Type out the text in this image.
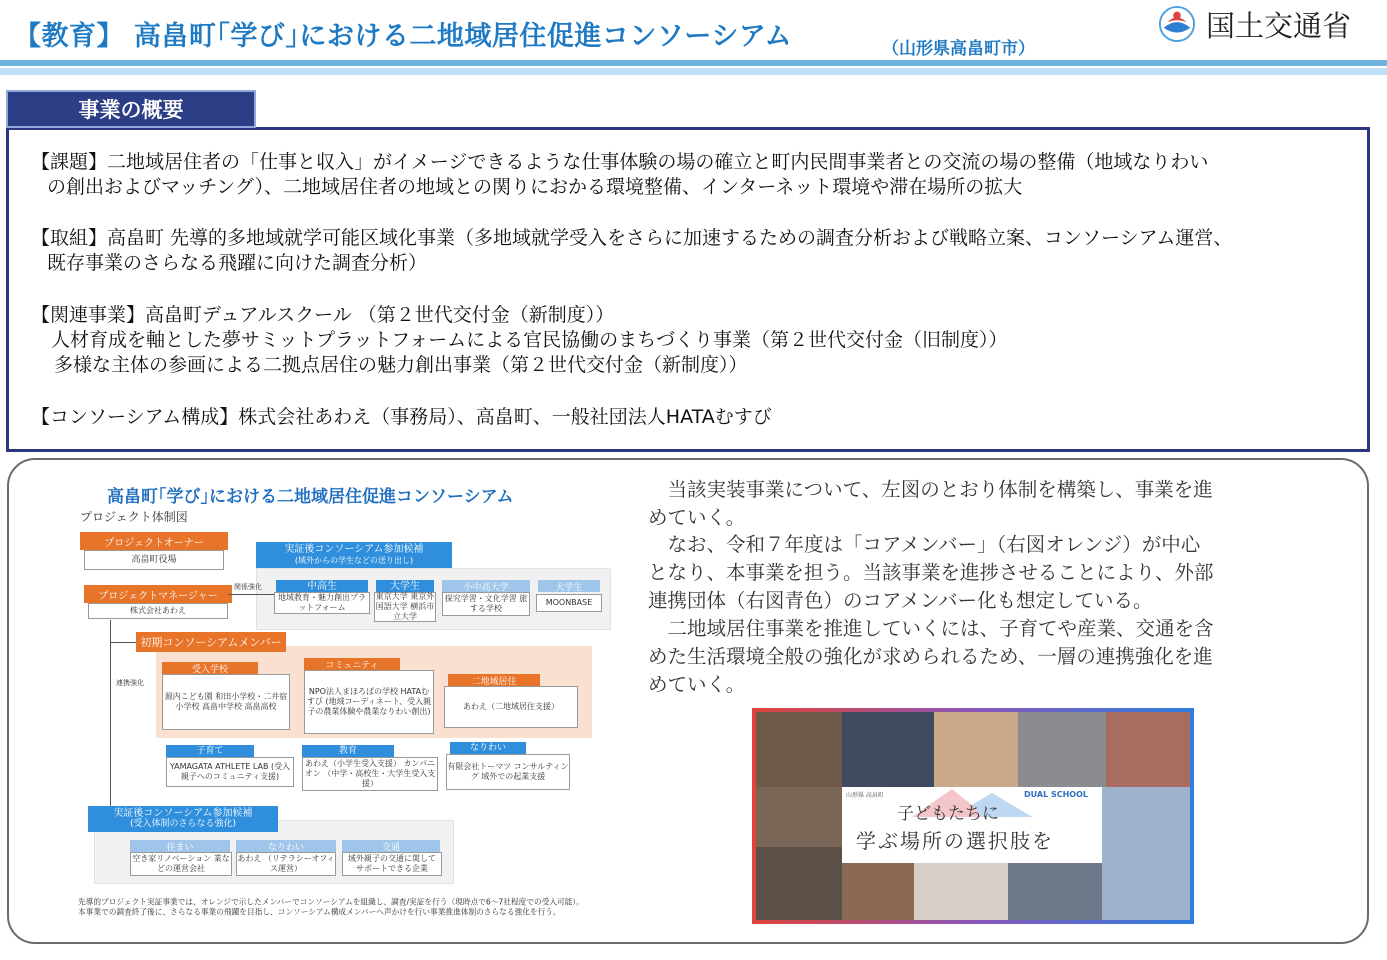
【教育】 高畠町｢学び｣における二地域居住促進コンソーシアム	（山形県高畠町市）
国土交通省
【課題】二地域居住者の「仕事と収入」がイメージできるような仕事体験の場の確立と町内民間事業者との交流の場の整備（地域なりわい
の創出およびマッチング）、二地域居住者の地域との関りにおかる環境整備、インターネット環境や滞在場所の拡大
【取組】高畠町 先導的多地域就学可能区域化事業（多地域就学受入をさらに加速するための調査分析および戦略立案、コンソーシアム運営、
既存事業のさらなる飛躍に向けた調査分析）
【関連事業】高畠町デュアルスクール （第２世代交付金（新制度））
人材育成を軸とした夢サミットプラットフォームによる官民協働のまちづくり事業（第２世代交付金（旧制度））
多様な主体の参画による二拠点居住の魅力創出事業（第２世代交付金（新制度））
【コンソーシアム構成】株式会社あわえ（事務局）、高畠町、一般社団法人HATAむすび
事業の概要
高畠町｢学び｣における二地域居住促進コンソーシアム
プロジェクト体制図
プロジェクトオーナー
高畠町役場
プロジェクトマネージャー
株式会社あわえ
実証後コンソーシアム参加候補
(域外からの学生などの送り出し)
関係強化	中高生
地域教育・魅力創出プラットフォーム
大学生
東京大学 東京外国語大学 横浜市立大学
小中高大学
探究学習・文化学習 旅する学校
大学生
MOONBASE
連携強化
初期コンソーシアムメンバー
受入学校
源内こども園 和田小学校・二井宿小学校 高畠中学校 高畠高校
コミュニティ
NPO法人まほろばの学校 HATAむすび (地域コーディネート、受入親子の農業体験や農業なりわい創出)
二地域居住
あわえ（二地域居住支援）
子育て
YAMAGATA ATHLETE LAB (受入親子へのコミュニティ支援)
教育
あわえ（小学生受入支援） カンパニオン （中学・高校生・大学生受入支援）
なりわい
有限会社トーマツ コンサルティング 域外での起業支援
実証後コンソーシアム参加候補
(受入体制のさらなる強化)
住まい
空き家リノベーション 業などの運営会社
なりわい
あわえ （リテラシーオフィス運営）
交通
域外親子の交通に関して サポートできる企業
先導的プロジェクト実証事業では、オレンジで示したメンバーでコンソーシアムを組織し、調査/実証を行う（現時点で6〜7社程度での受入可能）。
本事業での調査終了後に、さらなる事業の飛躍を目指し、コンソーシアム構成メンバーへ声かけを行い事業推進体制のさらなる強化を行う。
　当該実装事業について、左図のとおり体制を構築し、事業を進
めていく。
　なお、令和７年度は「コアメンバー」（右図オレンジ）が中心
となり、本事業を担う。当該事業を進捗させることにより、外部
連携団体（右図青色）のコアメンバー化も想定している。
　二地域居住事業を推進していくには、子育てや産業、交通を含
めた生活環境全般の強化が求められるため、一層の連携強化を進
めていく。
子どもたちに
学ぶ場所の選択肢を
山形県 高畠町	DUAL SCHOOL
